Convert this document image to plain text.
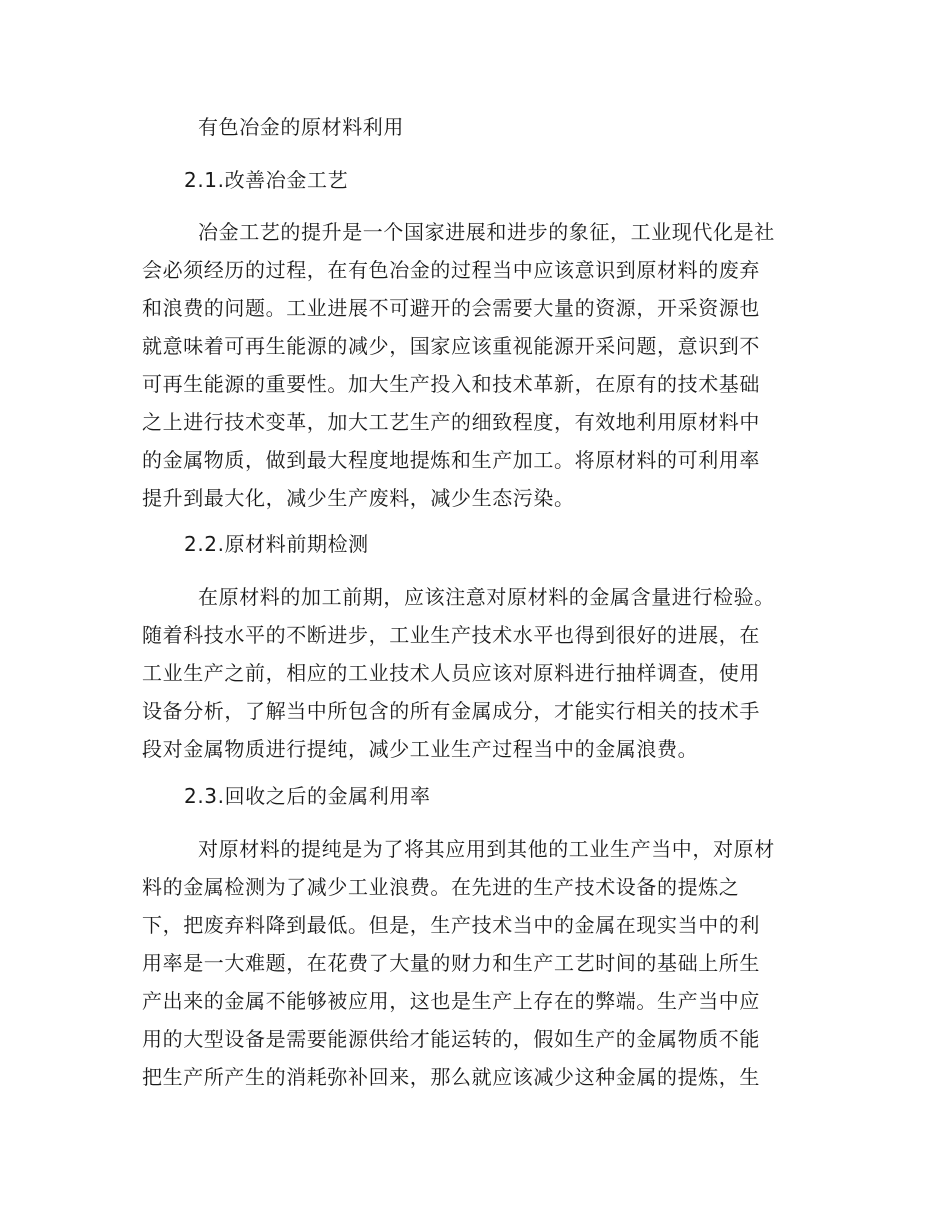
有色冶金的原材料利用
2.1.改善冶金工艺
冶金工艺的提升是一个国家进展和进步的象征，工业现代化是社
会必须经历的过程，在有色冶金的过程当中应该意识到原材料的废弃
和浪费的问题。工业进展不可避开的会需要大量的资源，开采资源也
就意味着可再生能源的减少，国家应该重视能源开采问题，意识到不
可再生能源的重要性。加大生产投入和技术革新，在原有的技术基础
之上进行技术变革，加大工艺生产的细致程度，有效地利用原材料中
的金属物质，做到最大程度地提炼和生产加工。将原材料的可利用率
提升到最大化，减少生产废料，减少生态污染。
2.2.原材料前期检测
在原材料的加工前期，应该注意对原材料的金属含量进行检验。
随着科技水平的不断进步，工业生产技术水平也得到很好的进展，在
工业生产之前，相应的工业技术人员应该对原料进行抽样调查，使用
设备分析，了解当中所包含的所有金属成分，才能实行相关的技术手
段对金属物质进行提纯，减少工业生产过程当中的金属浪费。
2.3.回收之后的金属利用率
对原材料的提纯是为了将其应用到其他的工业生产当中，对原材
料的金属检测为了减少工业浪费。在先进的生产技术设备的提炼之
下，把废弃料降到最低。但是，生产技术当中的金属在现实当中的利
用率是一大难题，在花费了大量的财力和生产工艺时间的基础上所生
产出来的金属不能够被应用，这也是生产上存在的弊端。生产当中应
用的大型设备是需要能源供给才能运转的，假如生产的金属物质不能
把生产所产生的消耗弥补回来，那么就应该减少这种金属的提炼，生
